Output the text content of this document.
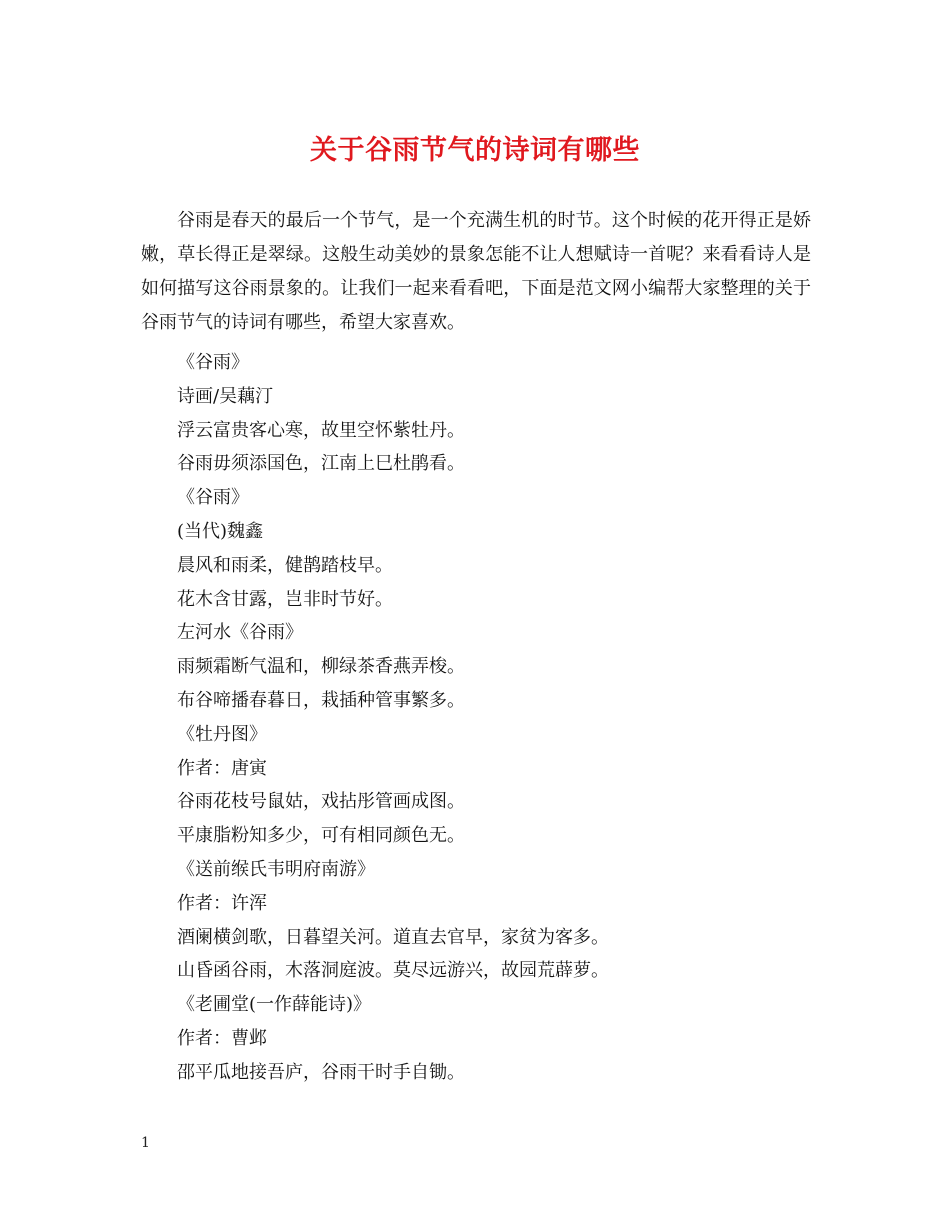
关于谷雨节气的诗词有哪些

谷雨是春天的最后一个节气，是一个充满生机的时节。这个时候的花开得正是娇嫩，草长得正是翠绿。这般生动美妙的景象怎能不让人想赋诗一首呢？来看看诗人是如何描写这谷雨景象的。让我们一起来看看吧，下面是范文网小编帮大家整理的关于谷雨节气的诗词有哪些，希望大家喜欢。

《谷雨》
诗画/吴藕汀
浮云富贵客心寒，故里空怀紫牡丹。
谷雨毋须添国色，江南上巳杜鹃看。
《谷雨》
(当代)魏鑫
晨风和雨柔，健鹊踏枝早。
花木含甘露，岂非时节好。
左河水《谷雨》
雨频霜断气温和，柳绿茶香燕弄梭。
布谷啼播春暮日，栽插种管事繁多。
《牡丹图》
作者：唐寅
谷雨花枝号鼠姑，戏拈彤管画成图。
平康脂粉知多少，可有相同颜色无。
《送前缑氏韦明府南游》
作者：许浑
酒阑横剑歌，日暮望关河。道直去官早，家贫为客多。
山昏函谷雨，木落洞庭波。莫尽远游兴，故园荒薜萝。
《老圃堂(一作薛能诗)》
作者：曹邺
邵平瓜地接吾庐，谷雨干时手自锄。
1
